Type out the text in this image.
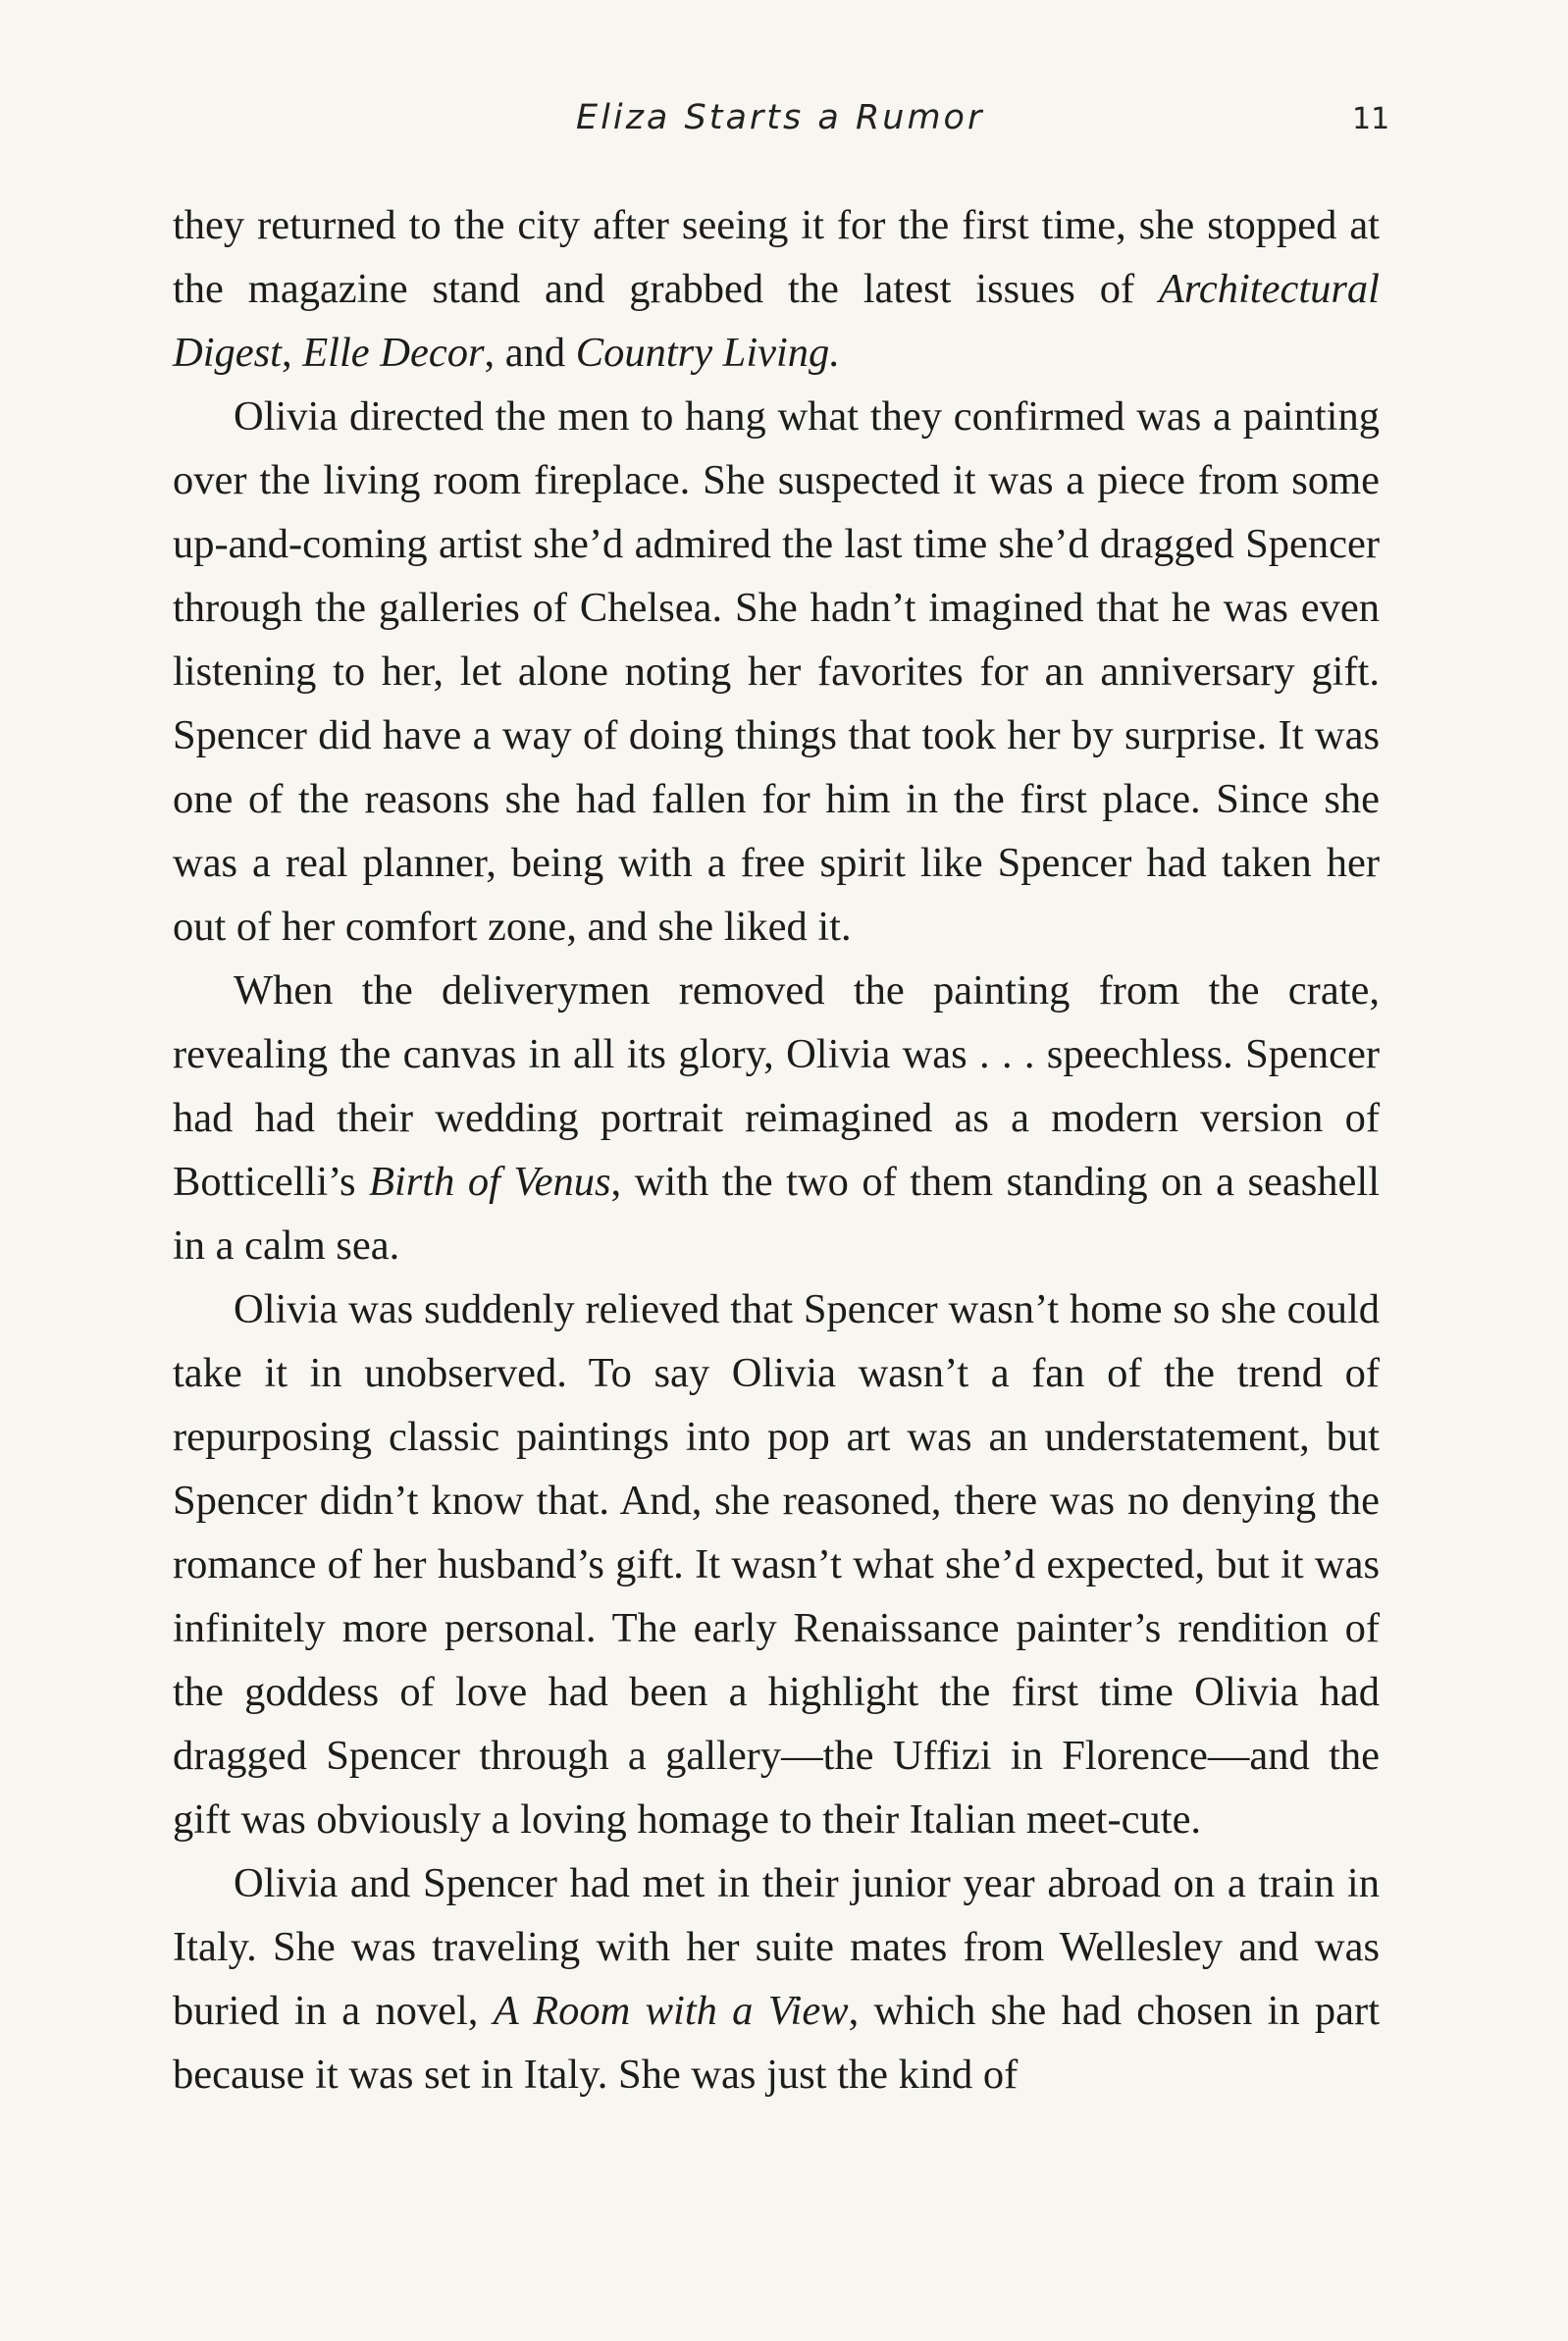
Eliza Starts a Rumor	11

they returned to the city after seeing it for the first time, she stopped at the magazine stand and grabbed the latest issues of Architectural Digest, Elle Decor, and Country Living.

Olivia directed the men to hang what they confirmed was a painting over the living room fireplace. She suspected it was a piece from some up-and-coming artist she’d admired the last time she’d dragged Spencer through the galleries of Chelsea. She hadn’t imagined that he was even listening to her, let alone noting her favorites for an anniversary gift. Spencer did have a way of doing things that took her by surprise. It was one of the reasons she had fallen for him in the first place. Since she was a real planner, being with a free spirit like Spencer had taken her out of her comfort zone, and she liked it.

When the deliverymen removed the painting from the crate, revealing the canvas in all its glory, Olivia was . . . speechless. Spencer had had their wedding portrait reimagined as a modern version of Botticelli’s Birth of Venus, with the two of them standing on a seashell in a calm sea.

Olivia was suddenly relieved that Spencer wasn’t home so she could take it in unobserved. To say Olivia wasn’t a fan of the trend of repurposing classic paintings into pop art was an understatement, but Spencer didn’t know that. And, she reasoned, there was no denying the romance of her husband’s gift. It wasn’t what she’d expected, but it was infinitely more personal. The early Renaissance painter’s rendition of the goddess of love had been a highlight the first time Olivia had dragged Spencer through a gallery—the Uffizi in Florence—and the gift was obviously a loving homage to their Italian meet-cute.

Olivia and Spencer had met in their junior year abroad on a train in Italy. She was traveling with her suite mates from Wellesley and was buried in a novel, A Room with a View, which she had chosen in part because it was set in Italy. She was just the kind of
